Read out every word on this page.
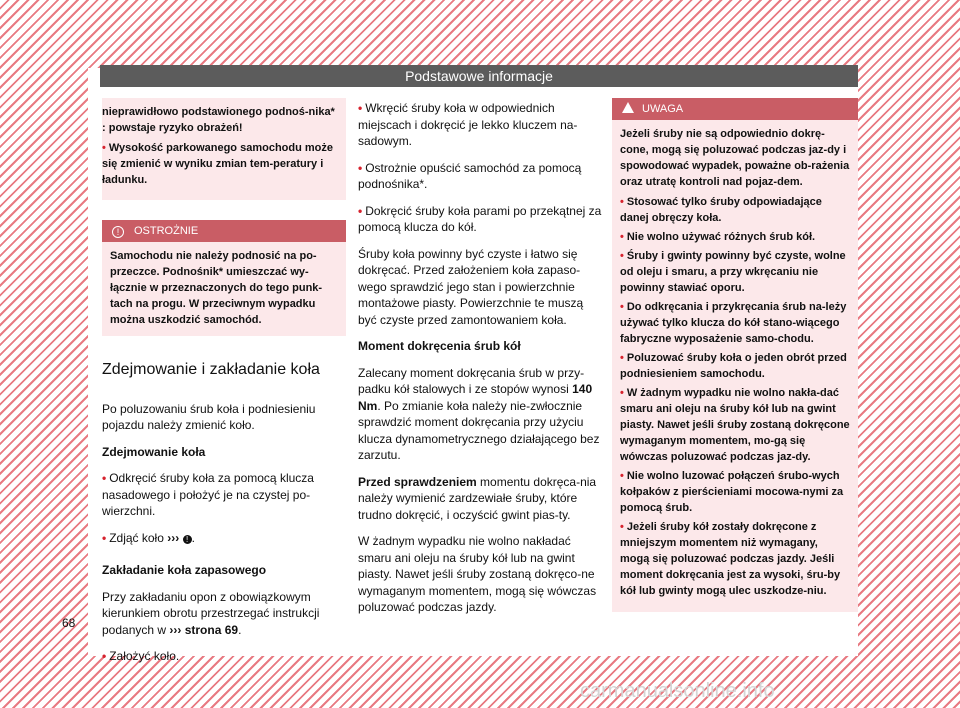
Podstawowe informacje

nieprawidłowo podstawionego podnoś-nika* : powstaje ryzyko obrażeń!

• Wysokość parkowanego samochodu może się zmienić w wyniku zmian tem-peratury i ładunku.

! OSTROŻNIE

Samochodu nie należy podnosić na po-przeczce. Podnośnik* umieszczać wy-łącznie w przeznaczonych do tego punk-tach na progu. W przeciwnym wypadku można uszkodzić samochód.

Zdejmowanie i zakładanie koła

Po poluzowaniu śrub koła i podniesieniu pojazdu należy zmienić koło.

Zdejmowanie koła

• Odkręcić śruby koła za pomocą klucza nasadowego i położyć je na czystej po-wierzchni.

• Zdjąć koło ››› ! .

Zakładanie koła zapasowego

Przy zakładaniu opon z obowiązkowym kierunkiem obrotu przestrzegać instrukcji podanych w ››› strona 69.

• Założyć koło.

• Wkręcić śruby koła w odpowiednich miejscach i dokręcić je lekko kluczem na-sadowym.

• Ostrożnie opuścić samochód za pomocą podnośnika*.

• Dokręcić śruby koła parami po przekątnej za pomocą klucza do kół.

Śruby koła powinny być czyste i łatwo się dokręcać. Przed założeniem koła zapaso-wego sprawdzić jego stan i powierzchnie montażowe piasty. Powierzchnie te muszą być czyste przed zamontowaniem koła.

Moment dokręcenia śrub kół

Zalecany moment dokręcania śrub w przy-padku kół stalowych i ze stopów wynosi 140 Nm. Po zmianie koła należy nie-zwłocznie sprawdzić moment dokręcania przy użyciu klucza dynamometrycznego działającego bez zarzutu.

Przed sprawdzeniem momentu dokręca-nia należy wymienić zardzewiałe śruby, które trudno dokręcić, i oczyścić gwint pias-ty.

W żadnym wypadku nie wolno nakładać smaru ani oleju na śruby kół lub na gwint piasty. Nawet jeśli śruby zostaną dokręco-ne wymaganym momentem, mogą się wówczas poluzować podczas jazdy.

UWAGA

Jeżeli śruby nie są odpowiednio dokrę-cone, mogą się poluzować podczas jaz-dy i spowodować wypadek, poważne ob-rażenia oraz utratę kontroli nad pojaz-dem.

• Stosować tylko śruby odpowiadające danej obręczy koła.

• Nie wolno używać różnych śrub kół.

• Śruby i gwinty powinny być czyste, wolne od oleju i smaru, a przy wkręcaniu nie powinny stawiać oporu.

• Do odkręcania i przykręcania śrub na-leży używać tylko klucza do kół stano-wiącego fabryczne wyposażenie samo-chodu.

• Poluzować śruby koła o jeden obrót przed podniesieniem samochodu.

• W żadnym wypadku nie wolno nakła-dać smaru ani oleju na śruby kół lub na gwint piasty. Nawet jeśli śruby zostaną dokręcone wymaganym momentem, mo-gą się wówczas poluzować podczas jaz-dy.

• Nie wolno luzować połączeń śrubo-wych kołpaków z pierścieniami mocowa-nymi za pomocą śrub.

• Jeżeli śruby kół zostały dokręcone z mniejszym momentem niż wymagany, mogą się poluzować podczas jazdy. Jeśli moment dokręcania jest za wysoki, śru-by kół lub gwinty mogą ulec uszkodze-niu.

68
carmanualsonline.info
